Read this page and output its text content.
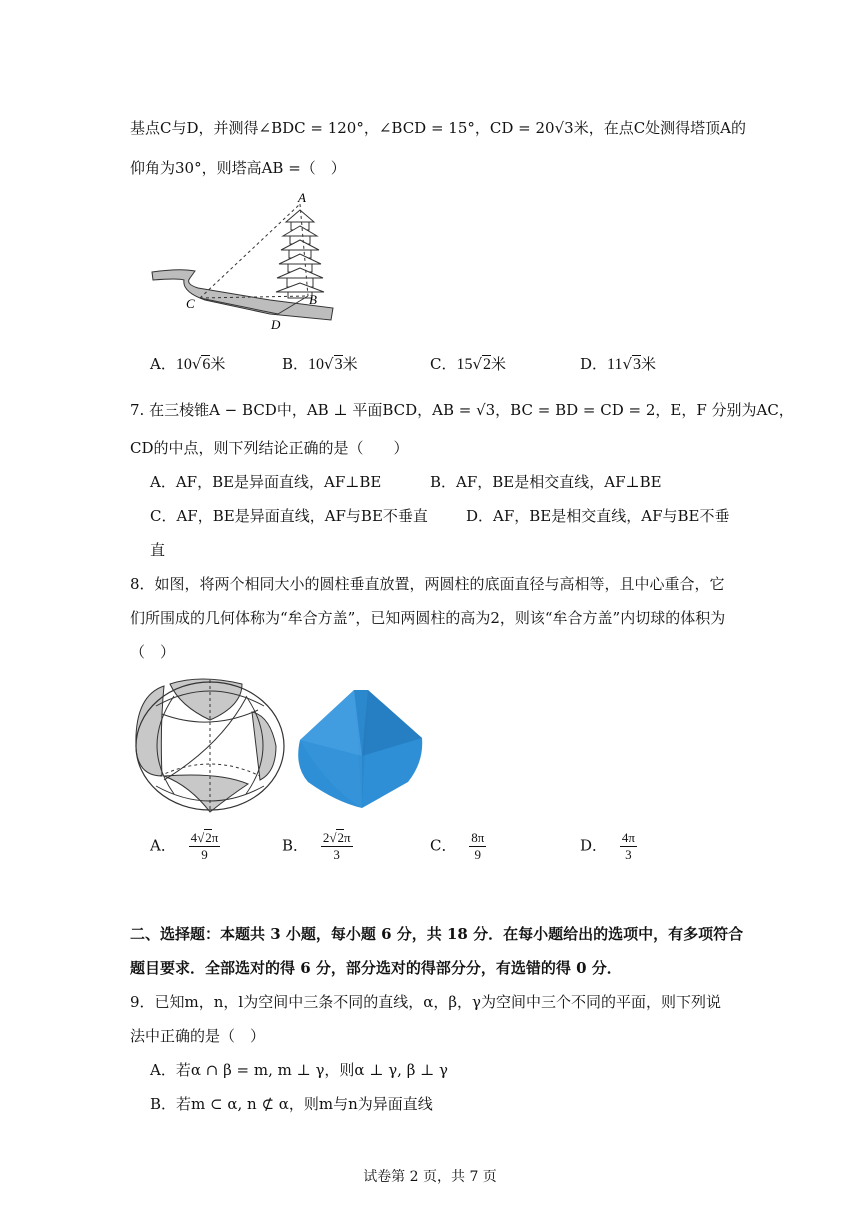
基点C与D，并测得∠BDC = 120°，∠BCD = 15°，CD = 20√3米，在点C处测得塔顶A的
仰角为30°，则塔高AB =（　）
A
B
C
D
A．10√6米	B．10√3米	C．15√2米	D．11√3米
7. 在三棱锥A − BCD中，AB ⊥ 平面BCD，AB = √3，BC = BD = CD = 2，E，F 分别为AC，
CD的中点，则下列结论正确的是（　　）
A．AF，BE是异面直线，AF⊥BE	B．AF，BE是相交直线，AF⊥BE
C．AF，BE是异面直线，AF与BE不垂直	D．AF，BE是相交直线，AF与BE不垂
直
8．如图，将两个相同大小的圆柱垂直放置，两圆柱的底面直径与高相等，且中心重合，它
们所围成的几何体称为“牟合方盖”，已知两圆柱的高为2，则该“牟合方盖”内切球的体积为
（　）
A． $\frac{4√2\pi}{9}$	B． $\frac{2√2\pi}{3}$	C． $\frac{8\pi}{9}$	D． $\frac{4\pi}{3}$
二、选择题：本题共 3 小题，每小题 6 分，共 18 分．在每小题给出的选项中，有多项符合
题目要求．全部选对的得 6 分，部分选对的得部分分，有选错的得 0 分．
9．已知m，n，l为空间中三条不同的直线，α，β，γ为空间中三个不同的平面，则下列说
法中正确的是（　）
A．若α ∩ β = m, m ⊥ γ，则α ⊥ γ, β ⊥ γ
B．若m ⊂ α, n ⊄ α，则m与n为异面直线
试卷第 2 页，共 7 页
